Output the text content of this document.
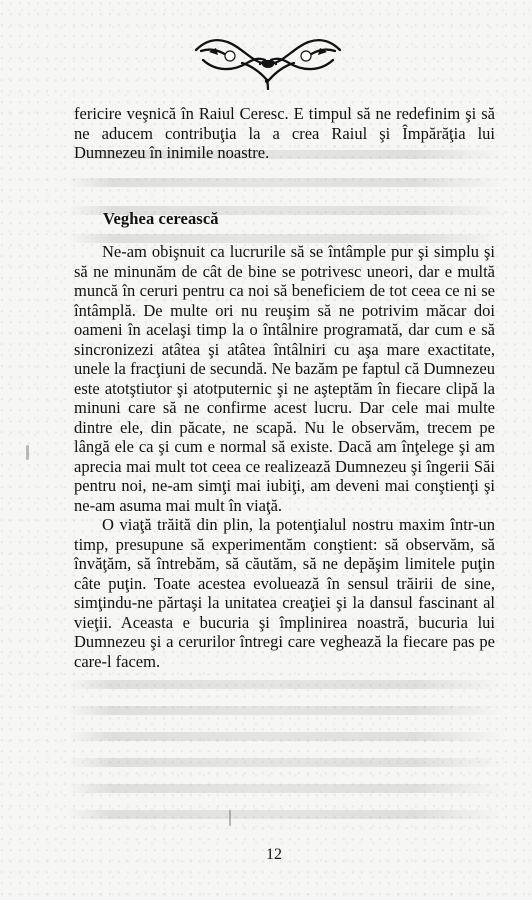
fericire veşnică în Raiul Ceresc. E timpul să ne redefinim şi să ne aducem contribuţia la a crea Raiul şi Împărăţia lui Dumnezeu în inimile noastre.

Veghea cerească

Ne-am obişnuit ca lucrurile să se întâmple pur şi simplu şi să ne minunăm de cât de bine se potrivesc uneori, dar e multă muncă în ceruri pentru ca noi să beneficiem de tot ceea ce ni se întâmplă. De multe ori nu reuşim să ne potrivim măcar doi oameni în acelaşi timp la o întâlnire programată, dar cum e să sincronizezi atâtea şi atâtea întâlniri cu aşa mare exactitate, unele la fracţiuni de secundă. Ne bazăm pe faptul că Dumnezeu este atotştiutor şi atotputernic şi ne aşteptăm în fiecare clipă la minuni care să ne confirme acest lucru. Dar cele mai multe dintre ele, din păcate, ne scapă. Nu le observăm, trecem pe lângă ele ca şi cum e normal să existe. Dacă am înţelege şi am aprecia mai mult tot ceea ce realizează Dumnezeu şi îngerii Săi pentru noi, ne-am simţi mai iubiţi, am deveni mai conştienţi şi ne-am asuma mai mult în viaţă.

O viaţă trăită din plin, la potenţialul nostru maxim într-un timp, presupune să experimentăm conştient: să observăm, să învăţăm, să întrebăm, să căutăm, să ne depăşim limitele puţin câte puţin. Toate acestea evoluează în sensul trăirii de sine, simţindu-ne părtaşi la unitatea creaţiei şi la dansul fascinant al vieţii. Aceasta e bucuria şi împlinirea noastră, bucuria lui Dumnezeu şi a cerurilor întregi care veghează la fiecare pas pe care-l facem.

12
